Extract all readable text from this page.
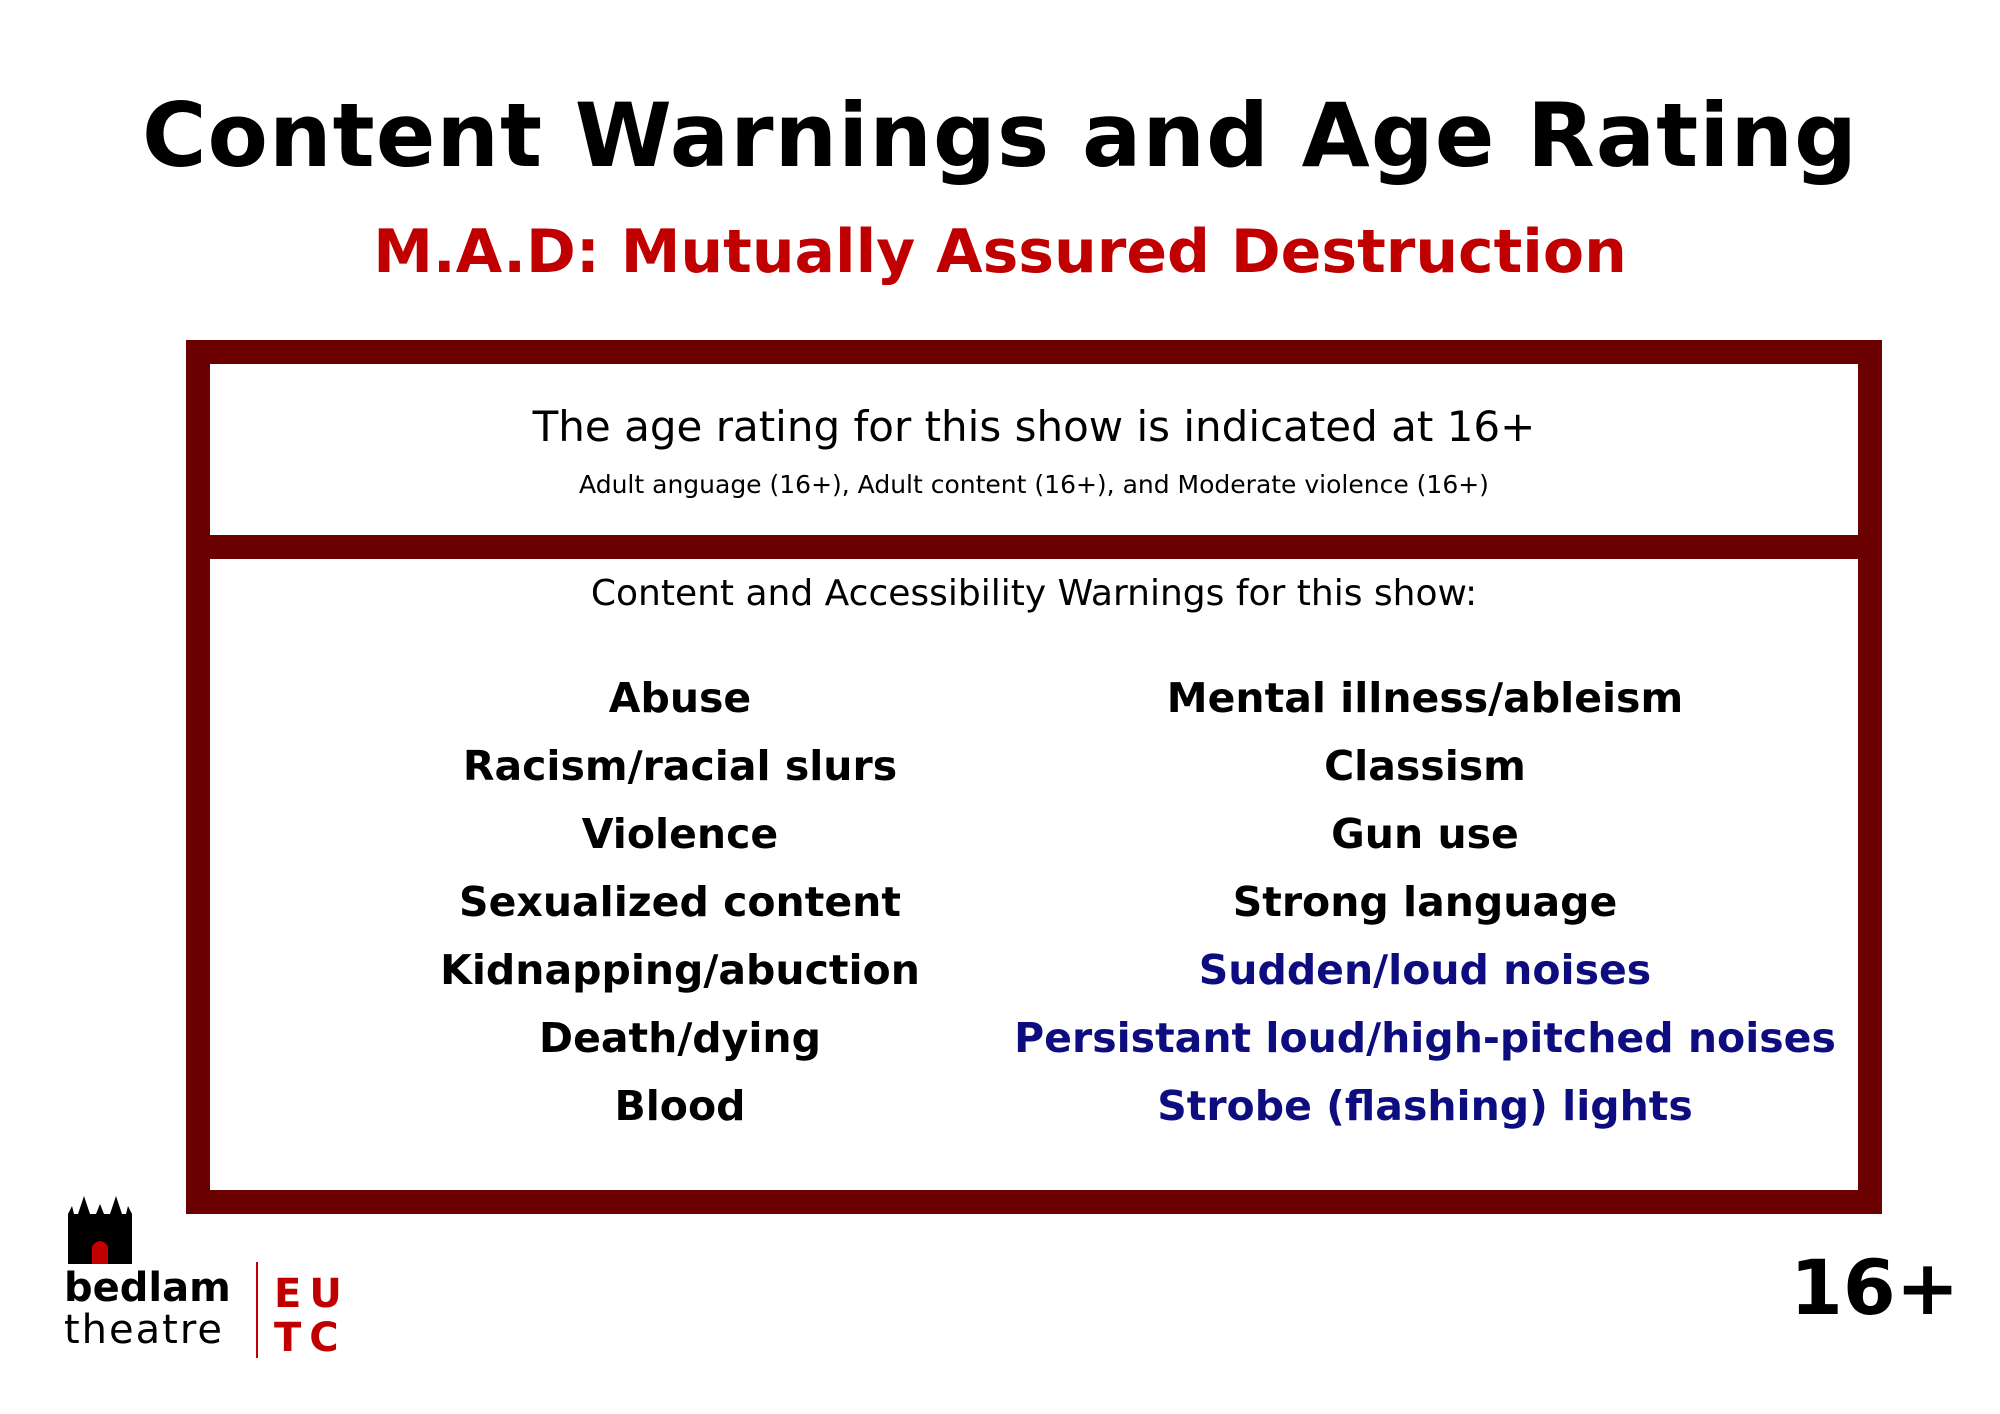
Content Warnings and Age Rating
M.A.D: Mutually Assured Destruction
The age rating for this show is indicated at 16+
Adult anguage (16+), Adult content (16+), and Moderate violence (16+)
Content and Accessibility Warnings for this show:
Abuse
Racism/racial slurs
Violence
Sexualized content
Kidnapping/abuction
Death/dying
Blood
Mental illness/ableism
Classism
Gun use
Strong language
Sudden/loud noises
Persistant loud/high-pitched noises
Strobe (flashing) lights
bedlam
theatre
EU
TC
16+
